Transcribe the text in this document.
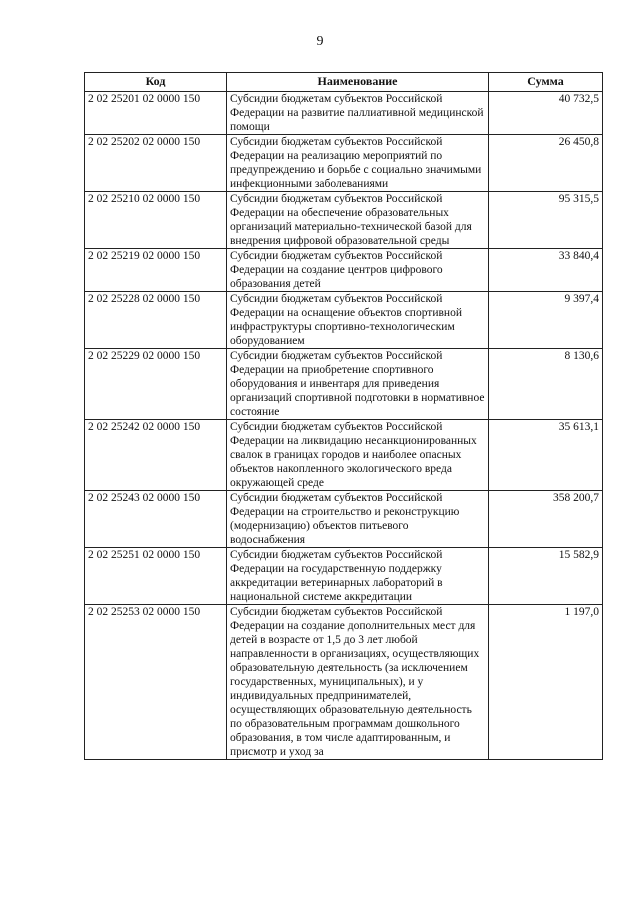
9
Код	Наименование	Сумма
2 02 25201 02 0000 150	Субсидии бюджетам субъектов Российской Федерации на развитие паллиативной медицинской помощи	40 732,5
2 02 25202 02 0000 150	Субсидии бюджетам субъектов Российской Федерации на реализацию мероприятий по предупреждению и борьбе с социально значимыми инфекционными заболеваниями	26 450,8
2 02 25210 02 0000 150	Субсидии бюджетам субъектов Российской Федерации на обеспечение образовательных организаций материально-технической базой для внедрения цифровой образовательной среды	95 315,5
2 02 25219 02 0000 150	Субсидии бюджетам субъектов Российской Федерации на создание центров цифрового образования детей	33 840,4
2 02 25228 02 0000 150	Субсидии бюджетам субъектов Российской Федерации на оснащение объектов спортивной инфраструктуры спортивно-технологическим оборудованием	9 397,4
2 02 25229 02 0000 150	Субсидии бюджетам субъектов Российской Федерации на приобретение спортивного оборудования и инвентаря для приведения организаций спортивной подготовки в нормативное состояние	8 130,6
2 02 25242 02 0000 150	Субсидии бюджетам субъектов Российской Федерации на ликвидацию несанкционированных свалок в границах городов и наиболее опасных объектов накопленного экологического вреда окружающей среде	35 613,1
2 02 25243 02 0000 150	Субсидии бюджетам субъектов Российской Федерации на строительство и реконструкцию (модернизацию) объектов питьевого водоснабжения	358 200,7
2 02 25251 02 0000 150	Субсидии бюджетам субъектов Российской Федерации на государственную поддержку аккредитации ветеринарных лабораторий в национальной системе аккредитации	15 582,9
2 02 25253 02 0000 150	Субсидии бюджетам субъектов Российской Федерации на создание дополнительных мест для детей в возрасте от 1,5 до 3 лет любой направленности в организациях, осуществляющих образовательную деятельность (за исключением государственных, муниципальных), и у индивидуальных предпринимателей, осуществляющих образовательную деятельность по образовательным программам дошкольного образования, в том числе адаптированным, и присмотр и уход за	1 197,0
